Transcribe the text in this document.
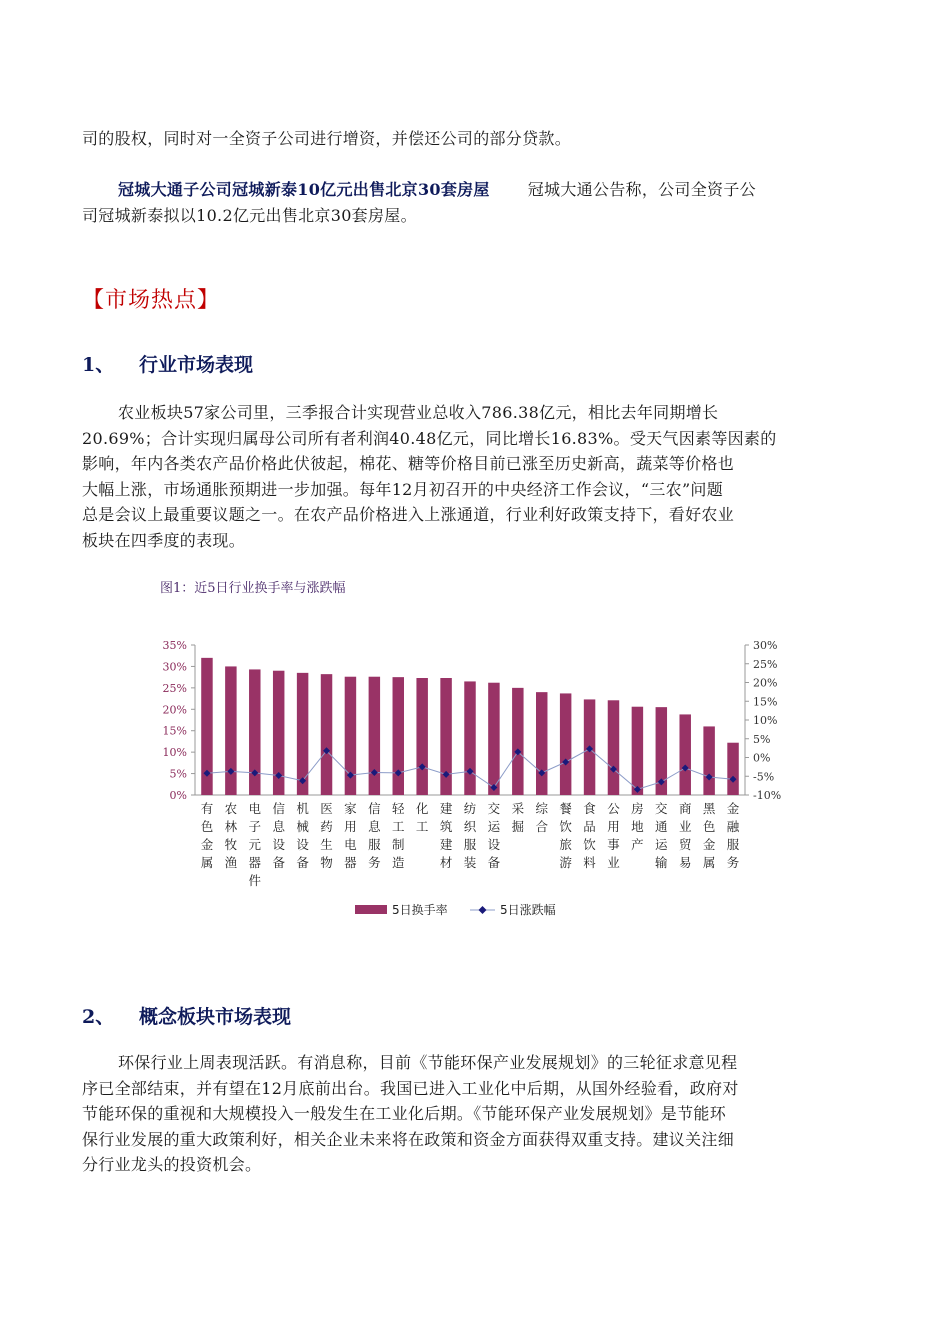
司的股权，同时对一全资子公司进行增资，并偿还公司的部分贷款。
冠城大通子公司冠城新泰10亿元出售北京30套房屋 冠城大通公告称，公司全资子公
司冠城新泰拟以10.2亿元出售北京30套房屋。
【市场热点】
1、 行业市场表现
农业板块57家公司里，三季报合计实现营业总收入786.38亿元，相比去年同期增长
20.69%；合计实现归属母公司所有者利润40.48亿元，同比增长16.83%。受天气因素等因素的
影响，年内各类农产品价格此伏彼起，棉花、糖等价格目前已涨至历史新高，蔬菜等价格也
大幅上涨，市场通胀预期进一步加强。每年12月初召开的中央经济工作会议，“三农”问题
总是会议上最重要议题之一。在农产品价格进入上涨通道，行业利好政策支持下，看好农业
板块在四季度的表现。
图1：近5日行业换手率与涨跌幅
0%
5%
10%
15%
20%
25%
30%
35%
-10%
-5%
0%
5%
10%
15%
20%
25%
30%
有色金属
农林牧渔
电子元器件
信息设备
机械设备
医药生物
家用电器
信息服务
轻工制造
化工
建筑建材
纺织服装
交运设备
采掘
综合
餐饮旅游
食品饮料
公用事业
房地产
交通运输
商业贸易
黑色金属
金融服务
5日换手率	5日涨跌幅
2、 概念板块市场表现
环保行业上周表现活跃。有消息称，目前《节能环保产业发展规划》的三轮征求意见程
序已全部结束，并有望在12月底前出台。我国已进入工业化中后期，从国外经验看，政府对
节能环保的重视和大规模投入一般发生在工业化后期。《节能环保产业发展规划》是节能环
保行业发展的重大政策利好，相关企业未来将在政策和资金方面获得双重支持。建议关注细
分行业龙头的投资机会。
